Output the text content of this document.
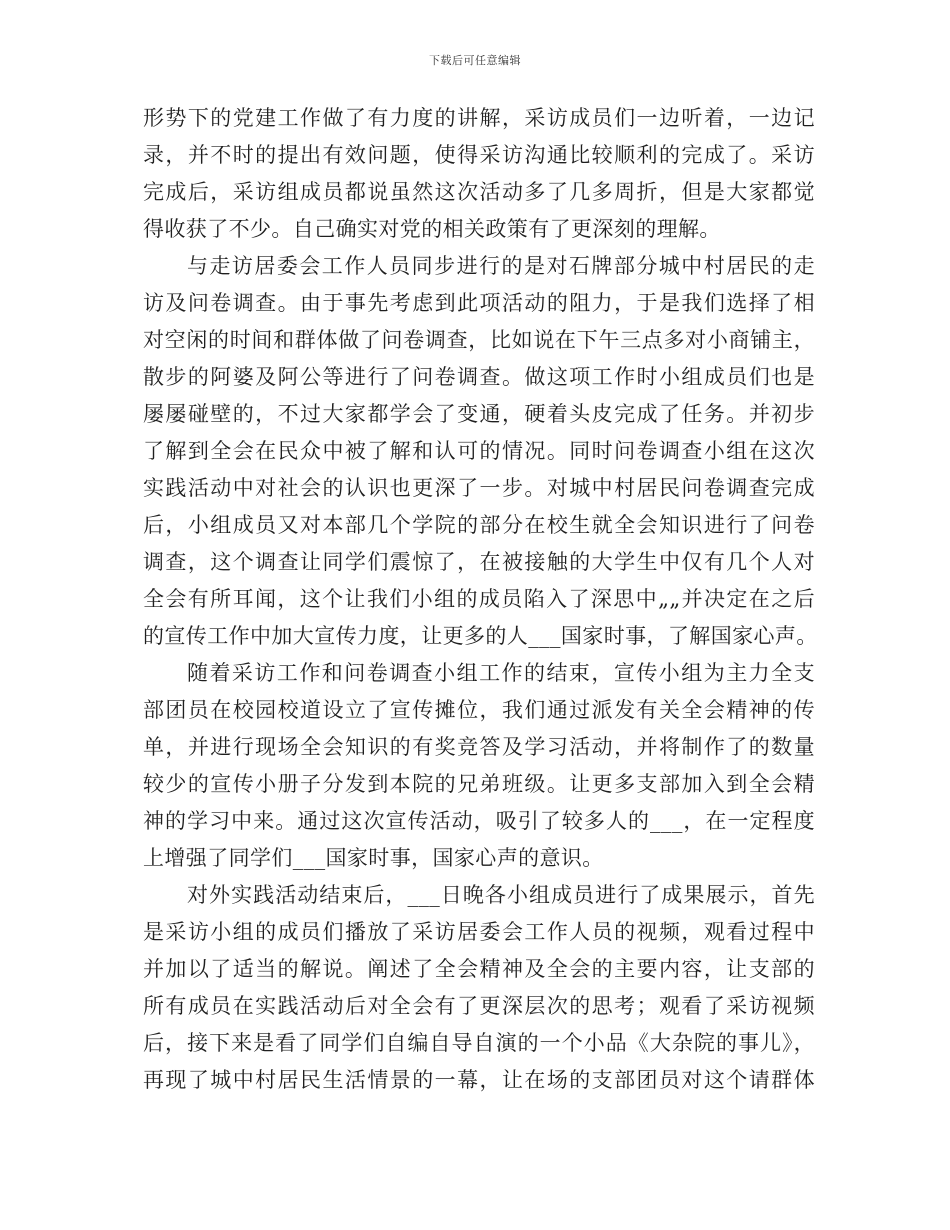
下载后可任意编辑
形势下的党建工作做了有力度的讲解，采访成员们一边听着，一边记
录，并不时的提出有效问题，使得采访沟通比较顺利的完成了。采访
完成后，采访组成员都说虽然这次活动多了几多周折，但是大家都觉
得收获了不少。自己确实对党的相关政策有了更深刻的理解。
与走访居委会工作人员同步进行的是对石牌部分城中村居民的走
访及问卷调查。由于事先考虑到此项活动的阻力，于是我们选择了相
对空闲的时间和群体做了问卷调查，比如说在下午三点多对小商铺主，
散步的阿婆及阿公等进行了问卷调查。做这项工作时小组成员们也是
屡屡碰壁的，不过大家都学会了变通，硬着头皮完成了任务。并初步
了解到全会在民众中被了解和认可的情况。同时问卷调查小组在这次
实践活动中对社会的认识也更深了一步。对城中村居民问卷调查完成
后，小组成员又对本部几个学院的部分在校生就全会知识进行了问卷
调查，这个调查让同学们震惊了，在被接触的大学生中仅有几个人对
全会有所耳闻，这个让我们小组的成员陷入了深思中„„并决定在之后
的宣传工作中加大宣传力度，让更多的人___国家时事，了解国家心声。
随着采访工作和问卷调查小组工作的结束，宣传小组为主力全支
部团员在校园校道设立了宣传摊位，我们通过派发有关全会精神的传
单，并进行现场全会知识的有奖竞答及学习活动，并将制作了的数量
较少的宣传小册子分发到本院的兄弟班级。让更多支部加入到全会精
神的学习中来。通过这次宣传活动，吸引了较多人的___，在一定程度
上增强了同学们___国家时事，国家心声的意识。
对外实践活动结束后，___日晚各小组成员进行了成果展示，首先
是采访小组的成员们播放了采访居委会工作人员的视频，观看过程中
并加以了适当的解说。阐述了全会精神及全会的主要内容，让支部的
所有成员在实践活动后对全会有了更深层次的思考；观看了采访视频
后，接下来是看了同学们自编自导自演的一个小品《大杂院的事儿》，
再现了城中村居民生活情景的一幕，让在场的支部团员对这个请群体
